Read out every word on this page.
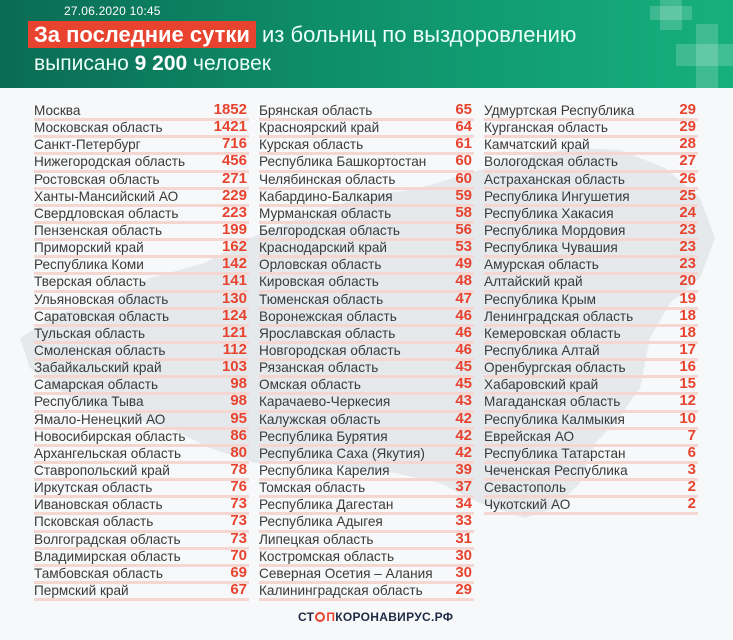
27.06.2020 10:45
За последние сутки из больниц по выздоровлению
выписано 9 200 человек
Москва	1852
Московская область	1421
Санкт-Петербург	716
Нижегородская область 456
Ростовская область	271
Ханты-Мансийский АО	229
Свердловская область	223
Пензенская область	199
Приморский край	162
Республика Коми	142
Тверская область	141
Ульяновская область	130
Саратовская область	124
Тульская область	121
Смоленская область	112
Забайкальский край	103
Самарская область	98
Республика Тыва	98
Ямало-Ненецкий АО	95
Новосибирская область	86
Архангельская область	80
Ставропольский край	78
Иркутская область	76
Ивановская область	73
Псковская область	73
Волгоградская область	73
Владимирская область	70
Тамбовская область	69
Пермский край	67
Брянская область	65
Красноярский край	64
Курская область	61
Республика Башкортостан 60
Челябинская область	60
Кабардино-Балкария	59
Мурманская область	58
Белгородская область	56
Краснодарский край	53
Орловская область	49
Кировская область	48
Тюменская область	47
Воронежская область	46
Ярославская область	46
Новгородская область	46
Рязанская область	45
Омская область	45
Карачаево-Черкесия	43
Калужская область	42
Республика Бурятия	42
Республика Саха (Якутия) 42
Республика Карелия	39
Томская область	37
Республика Дагестан	34
Республика Адыгея	33
Липецкая область	31
Костромская область	30
Северная Осетия – Алания 30
Калининградская область 29
Удмуртская Республика	29
Курганская область	29
Камчатский край	28
Вологодская область	27
Астраханская область	26
Республика Ингушетия	25
Республика Хакасия	24
Республика Мордовия	23
Республика Чувашия	23
Амурская область	23
Алтайский край	20
Республика Крым	19
Ленинградская область	18
Кемеровская область	18
Республика Алтай	17
Оренбургская область	16
Хабаровский край	15
Магаданская область	12
Республика Калмыкия	10
Еврейская АО	7
Республика Татарстан	6
Чеченская Республика	3
Севастополь	2
Чукотский АО	2
СТ ПКОРОНАВИРУС.РФ
